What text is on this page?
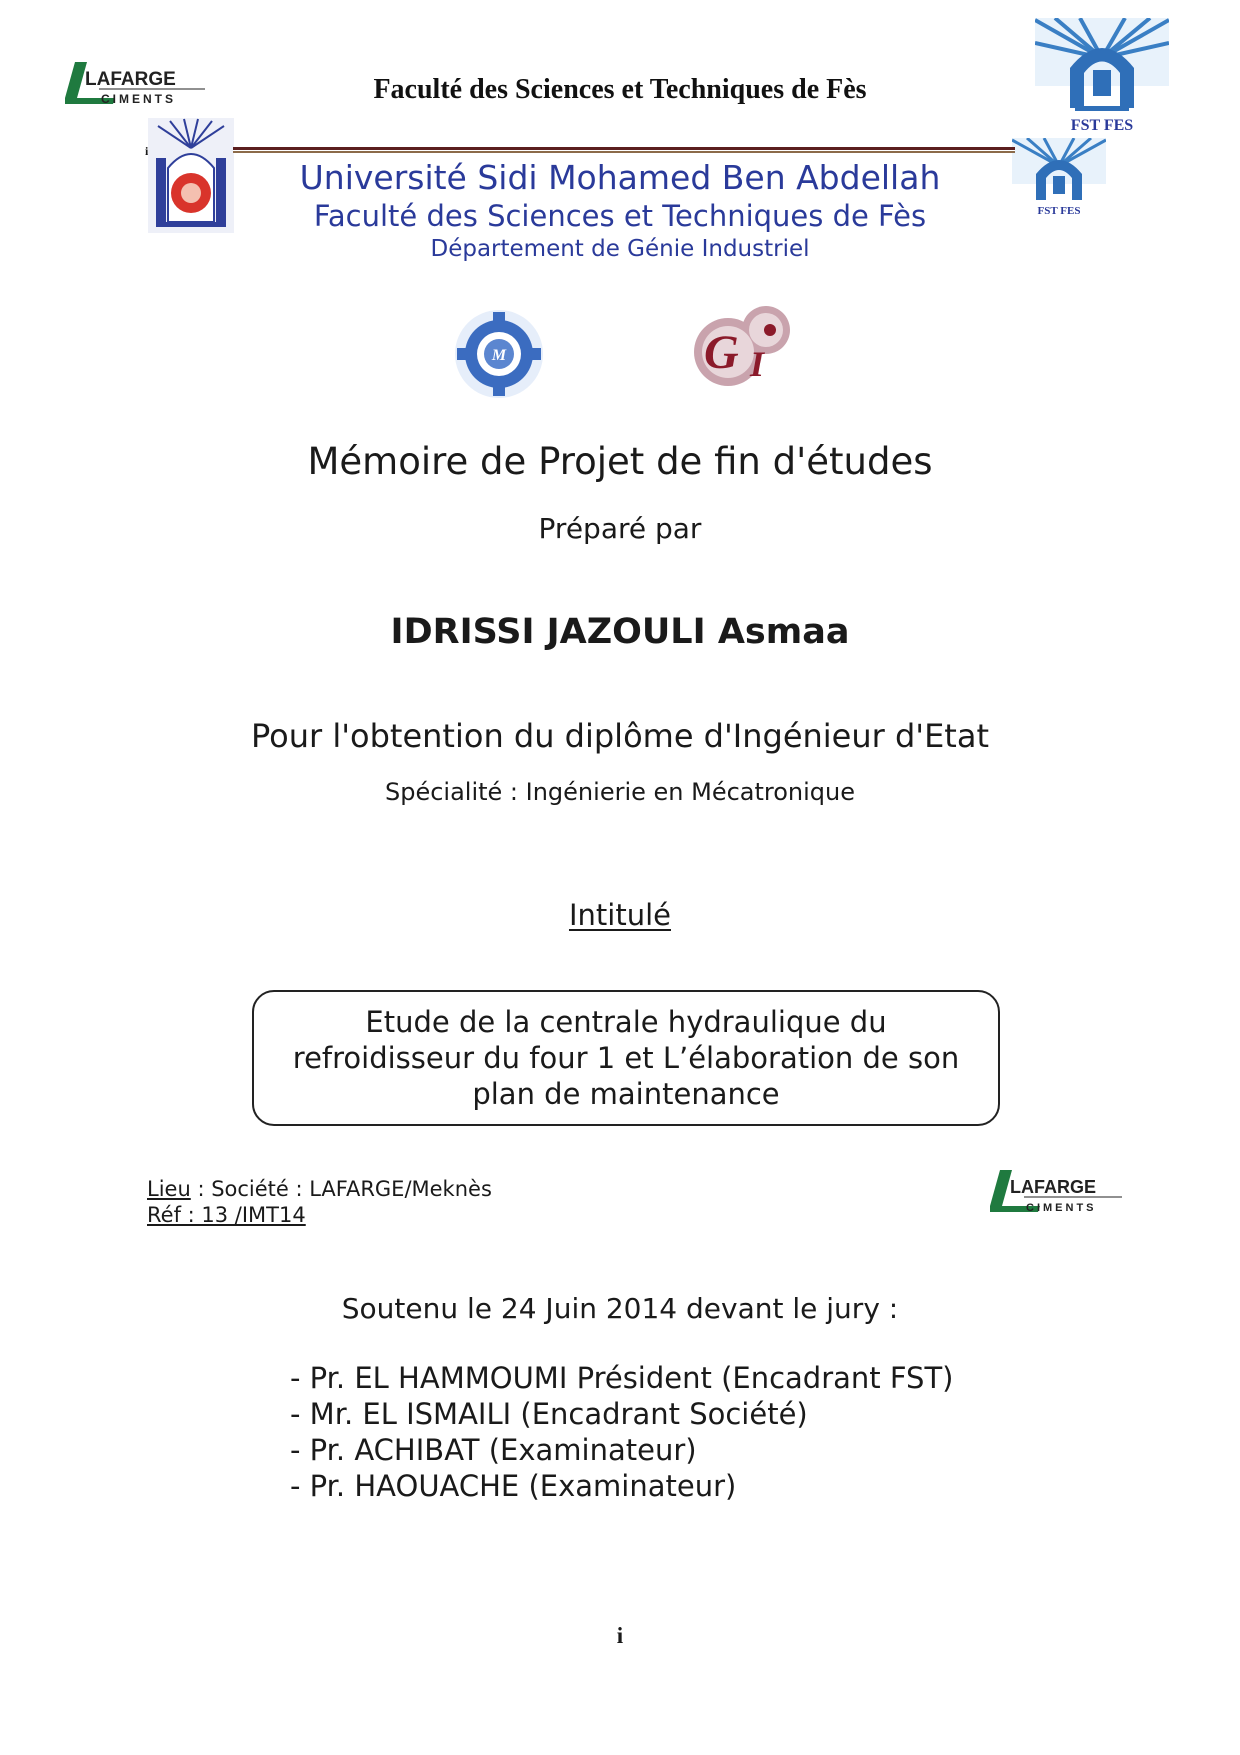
LAFARGE
CIMENTS	Faculté des Sciences et Techniques de Fès
FST FES
FST FES
i
Université Sidi Mohamed Ben Abdellah
Faculté des Sciences et Techniques de Fès
Département de Génie Industriel
M	G I
Mémoire de Projet de fin d'études
Préparé par
IDRISSI JAZOULI Asmaa
Pour l'obtention du diplôme d'Ingénieur d'Etat
Spécialité : Ingénierie en Mécatronique
Intitulé
Etude de la centrale hydraulique du refroidisseur du four 1 et L’élaboration de son plan de maintenance
Lieu : Société : LAFARGE/Meknès
Réf : 13 /IMT14
LAFARGE
CIMENTS
Soutenu le 24 Juin 2014 devant le jury :
- Pr. EL HAMMOUMI Président (Encadrant FST)
- Mr. EL ISMAILI (Encadrant Société)
- Pr. ACHIBAT (Examinateur)
- Pr. HAOUACHE (Examinateur)
i
